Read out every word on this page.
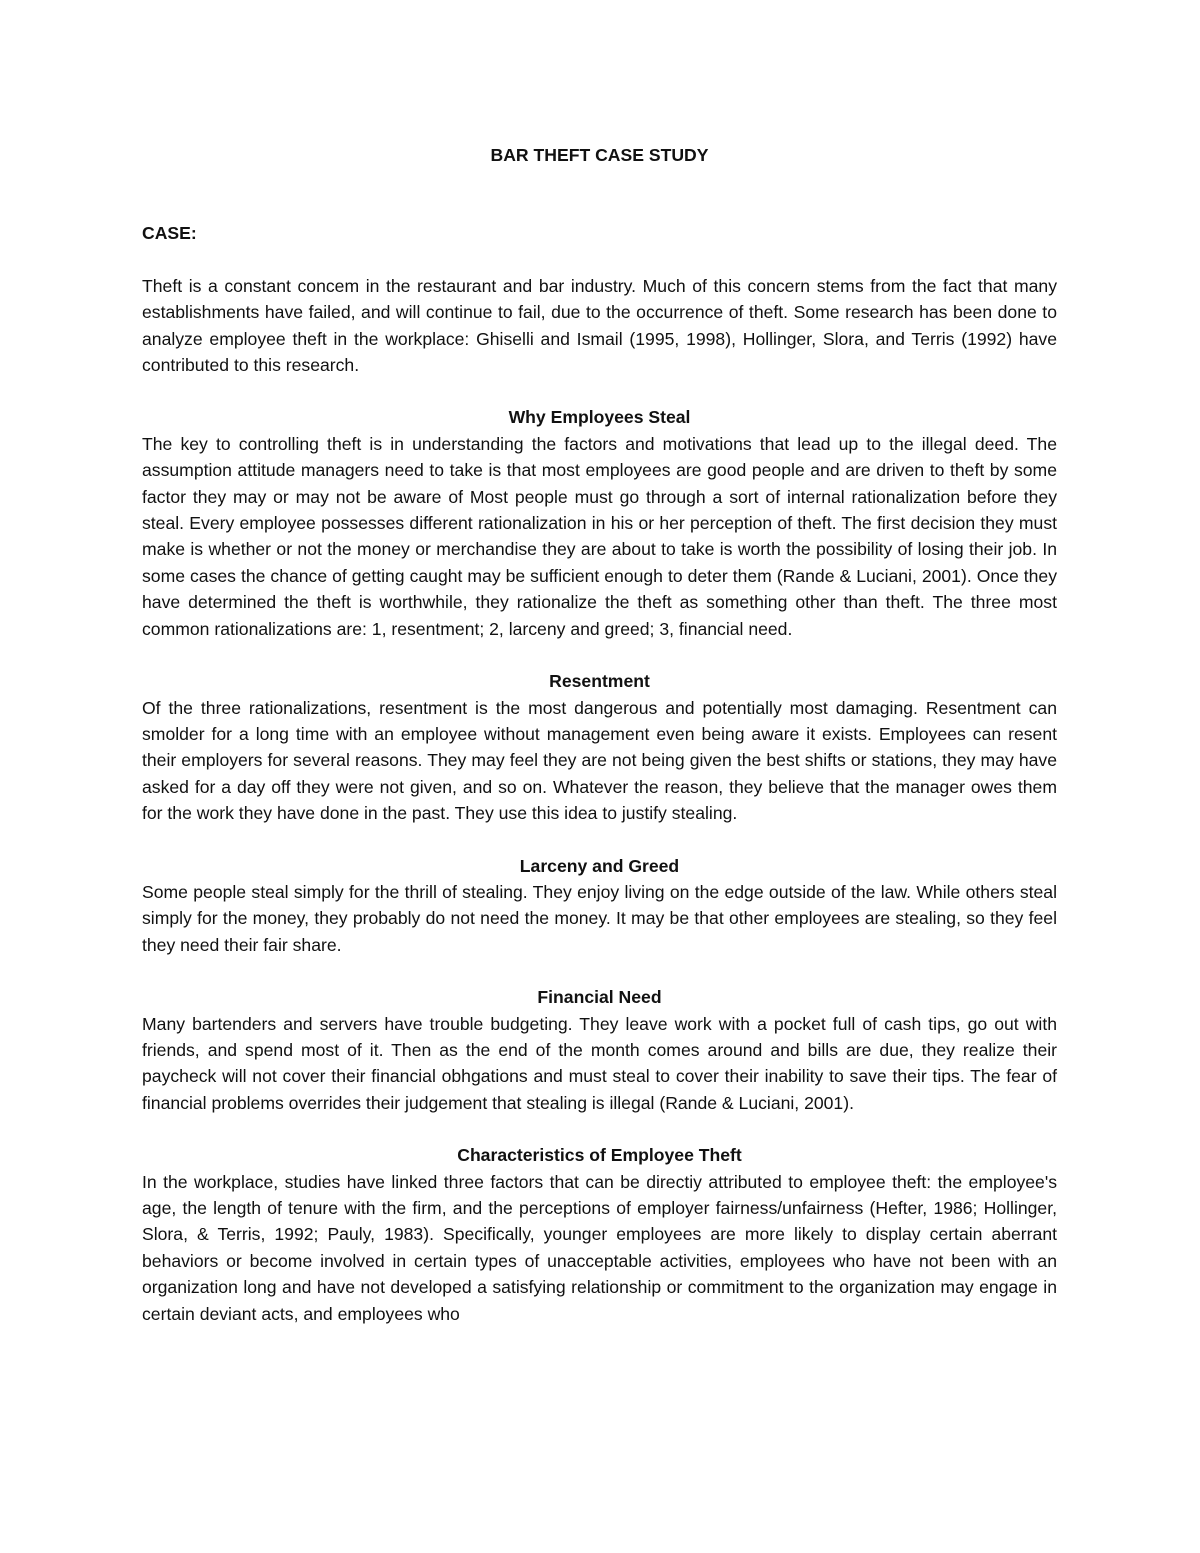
BAR THEFT CASE STUDY
CASE:

Theft is a constant concem in the restaurant and bar industry. Much of this concern stems from the fact that many establishments have failed, and will continue to fail, due to the occurrence of theft. Some research has been done to analyze employee theft in the workplace: Ghiselli and Ismail (1995, 1998), Hollinger, Slora, and Terris (1992) have contributed to this research.

Why Employees Steal

The key to controlling theft is in understanding the factors and motivations that lead up to the illegal deed. The assumption attitude managers need to take is that most employees are good people and are driven to theft by some factor they may or may not be aware of Most people must go through a sort of internal rationalization before they steal. Every employee possesses different rationalization in his or her perception of theft. The first decision they must make is whether or not the money or merchandise they are about to take is worth the possibility of losing their job. In some cases the chance of getting caught may be sufficient enough to deter them (Rande & Luciani, 2001). Once they have determined the theft is worthwhile, they rationalize the theft as something other than theft. The three most common rationalizations are: 1, resentment; 2, larceny and greed; 3, financial need.

Resentment

Of the three rationalizations, resentment is the most dangerous and potentially most damaging. Resentment can smolder for a long time with an employee without management even being aware it exists. Employees can resent their employers for several reasons. They may feel they are not being given the best shifts or stations, they may have asked for a day off they were not given, and so on. Whatever the reason, they believe that the manager owes them for the work they have done in the past. They use this idea to justify stealing.

Larceny and Greed

Some people steal simply for the thrill of stealing. They enjoy living on the edge outside of the law. While others steal simply for the money, they probably do not need the money. It may be that other employees are stealing, so they feel they need their fair share.

Financial Need

Many bartenders and servers have trouble budgeting. They leave work with a pocket full of cash tips, go out with friends, and spend most of it. Then as the end of the month comes around and bills are due, they realize their paycheck will not cover their financial obhgations and must steal to cover their inability to save their tips. The fear of financial problems overrides their judgement that stealing is illegal (Rande & Luciani, 2001).

Characteristics of Employee Theft

In the workplace, studies have linked three factors that can be directiy attributed to employee theft: the employee's age, the length of tenure with the firm, and the perceptions of employer fairness/unfairness (Hefter, 1986; Hollinger, Slora, & Terris, 1992; Pauly, 1983). Specifically, younger employees are more likely to display certain aberrant behaviors or become involved in certain types of unacceptable activities, employees who have not been with an organization long and have not developed a satisfying relationship or commitment to the organization may engage in certain deviant acts, and employees who
